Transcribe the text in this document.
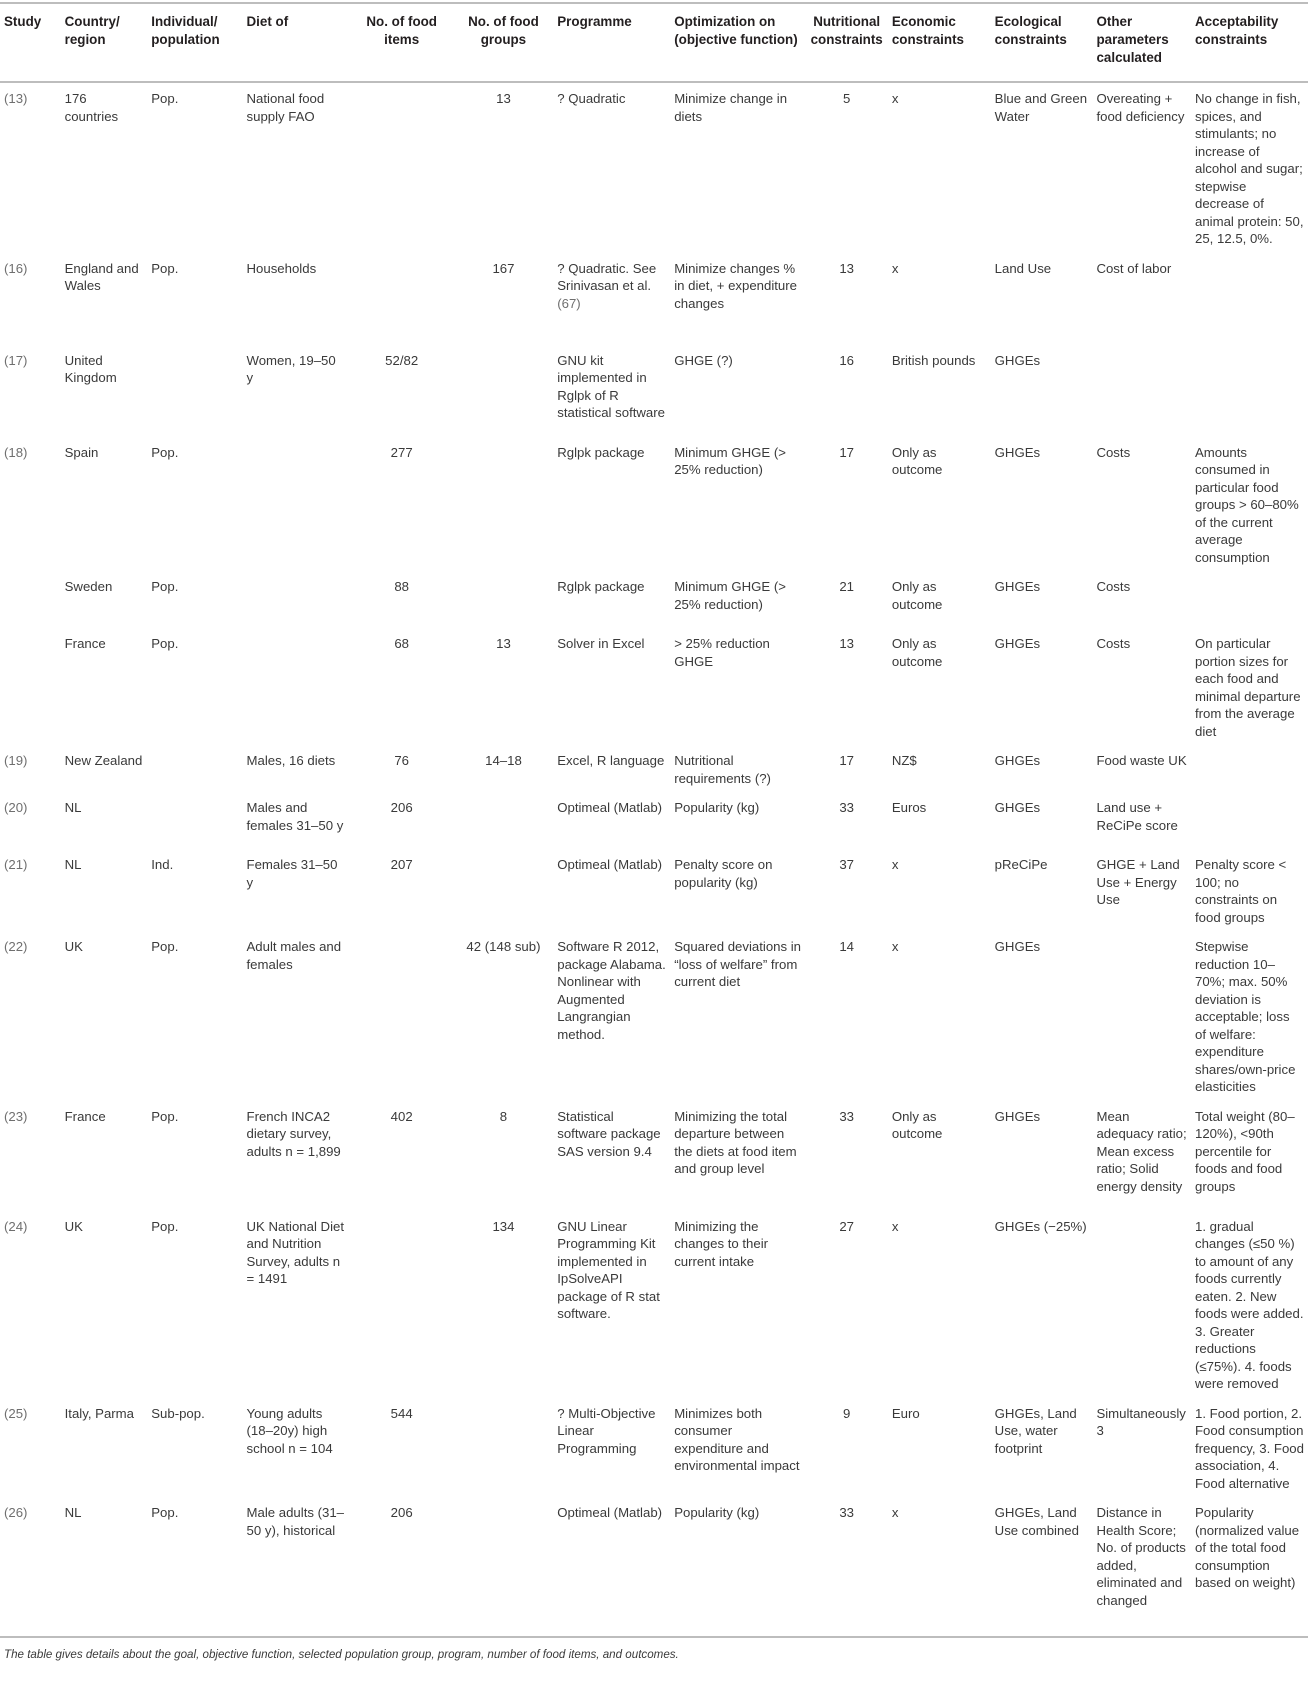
Study	Country/ region	Individual/ population	Diet of	No. of food items	No. of food groups	Programme	Optimization on (objective function)	Nutritional constraints	Economic constraints	Ecological constraints	Other parameters calculated	Acceptability constraints
(13)	176 countries	Pop.	National food supply FAO		13	? Quadratic	Minimize change in diets	5	x	Blue and Green Water	Overeating + food deficiency	No change in fish, spices, and stimulants; no increase of alcohol and sugar; stepwise decrease of animal protein: 50, 25, 12.5, 0%.
(16)	England and Wales	Pop.	Households		167	? Quadratic. See Srinivasan et al. (67)	Minimize changes % in diet, + expenditure changes	13	x	Land Use	Cost of labor	
(17)	United Kingdom		Women, 19–50 y	52/82		GNU kit implemented in Rglpk of R statistical software	GHGE (?)	16	British pounds	GHGEs		
(18)	Spain	Pop.		277		Rglpk package	Minimum GHGE (> 25% reduction)	17	Only as outcome	GHGEs	Costs	Amounts consumed in particular food groups > 60–80% of the current average consumption
	Sweden	Pop.		88		Rglpk package	Minimum GHGE (> 25% reduction)	21	Only as outcome	GHGEs	Costs	
	France	Pop.		68	13	Solver in Excel	> 25% reduction GHGE	13	Only as outcome	GHGEs	Costs	On particular portion sizes for each food and minimal departure from the average diet
(19)	New Zealand		Males, 16 diets	76	14–18	Excel, R language	Nutritional requirements (?)	17	NZ$	GHGEs	Food waste UK	
(20)	NL		Males and females 31–50 y	206		Optimeal (Matlab)	Popularity (kg)	33	Euros	GHGEs	Land use + ReCiPe score	
(21)	NL	Ind.	Females 31–50 y	207		Optimeal (Matlab)	Penalty score on popularity (kg)	37	x	pReCiPe	GHGE + Land Use + Energy Use	Penalty score < 100; no constraints on food groups
(22)	UK	Pop.	Adult males and females		42 (148 sub)	Software R 2012, package Alabama. Nonlinear with Augmented Langrangian method.	Squared deviations in “loss of welfare” from current diet	14	x	GHGEs		Stepwise reduction 10–70%; max. 50% deviation is acceptable; loss of welfare: expenditure shares/own-price elasticities
(23)	France	Pop.	French INCA2 dietary survey, adults n = 1,899	402	8	Statistical software package SAS version 9.4	Minimizing the total departure between the diets at food item and group level	33	Only as outcome	GHGEs	Mean adequacy ratio; Mean excess ratio; Solid energy density	Total weight (80–120%), <90th percentile for foods and food groups
(24)	UK	Pop.	UK National Diet and Nutrition Survey, adults n = 1491		134	GNU Linear Programming Kit implemented in IpSolveAPI package of R stat software.	Minimizing the changes to their current intake	27	x	GHGEs (−25%)		1. gradual changes (≤50 %) to amount of any foods currently eaten. 2. New foods were added. 3. Greater reductions (≤75%). 4. foods were removed
(25)	Italy, Parma	Sub-pop.	Young adults (18–20y) high school n = 104	544		? Multi-Objective Linear Programming	Minimizes both consumer expenditure and environmental impact	9	Euro	GHGEs, Land Use, water footprint	Simultaneously 3	1. Food portion, 2. Food consumption frequency, 3. Food association, 4. Food alternative
(26)	NL	Pop.	Male adults (31–50 y), historical	206		Optimeal (Matlab)	Popularity (kg)	33	x	GHGEs, Land Use combined	Distance in Health Score; No. of products added, eliminated and changed	Popularity (normalized value of the total food consumption based on weight)
The table gives details about the goal, objective function, selected population group, program, number of food items, and outcomes.
